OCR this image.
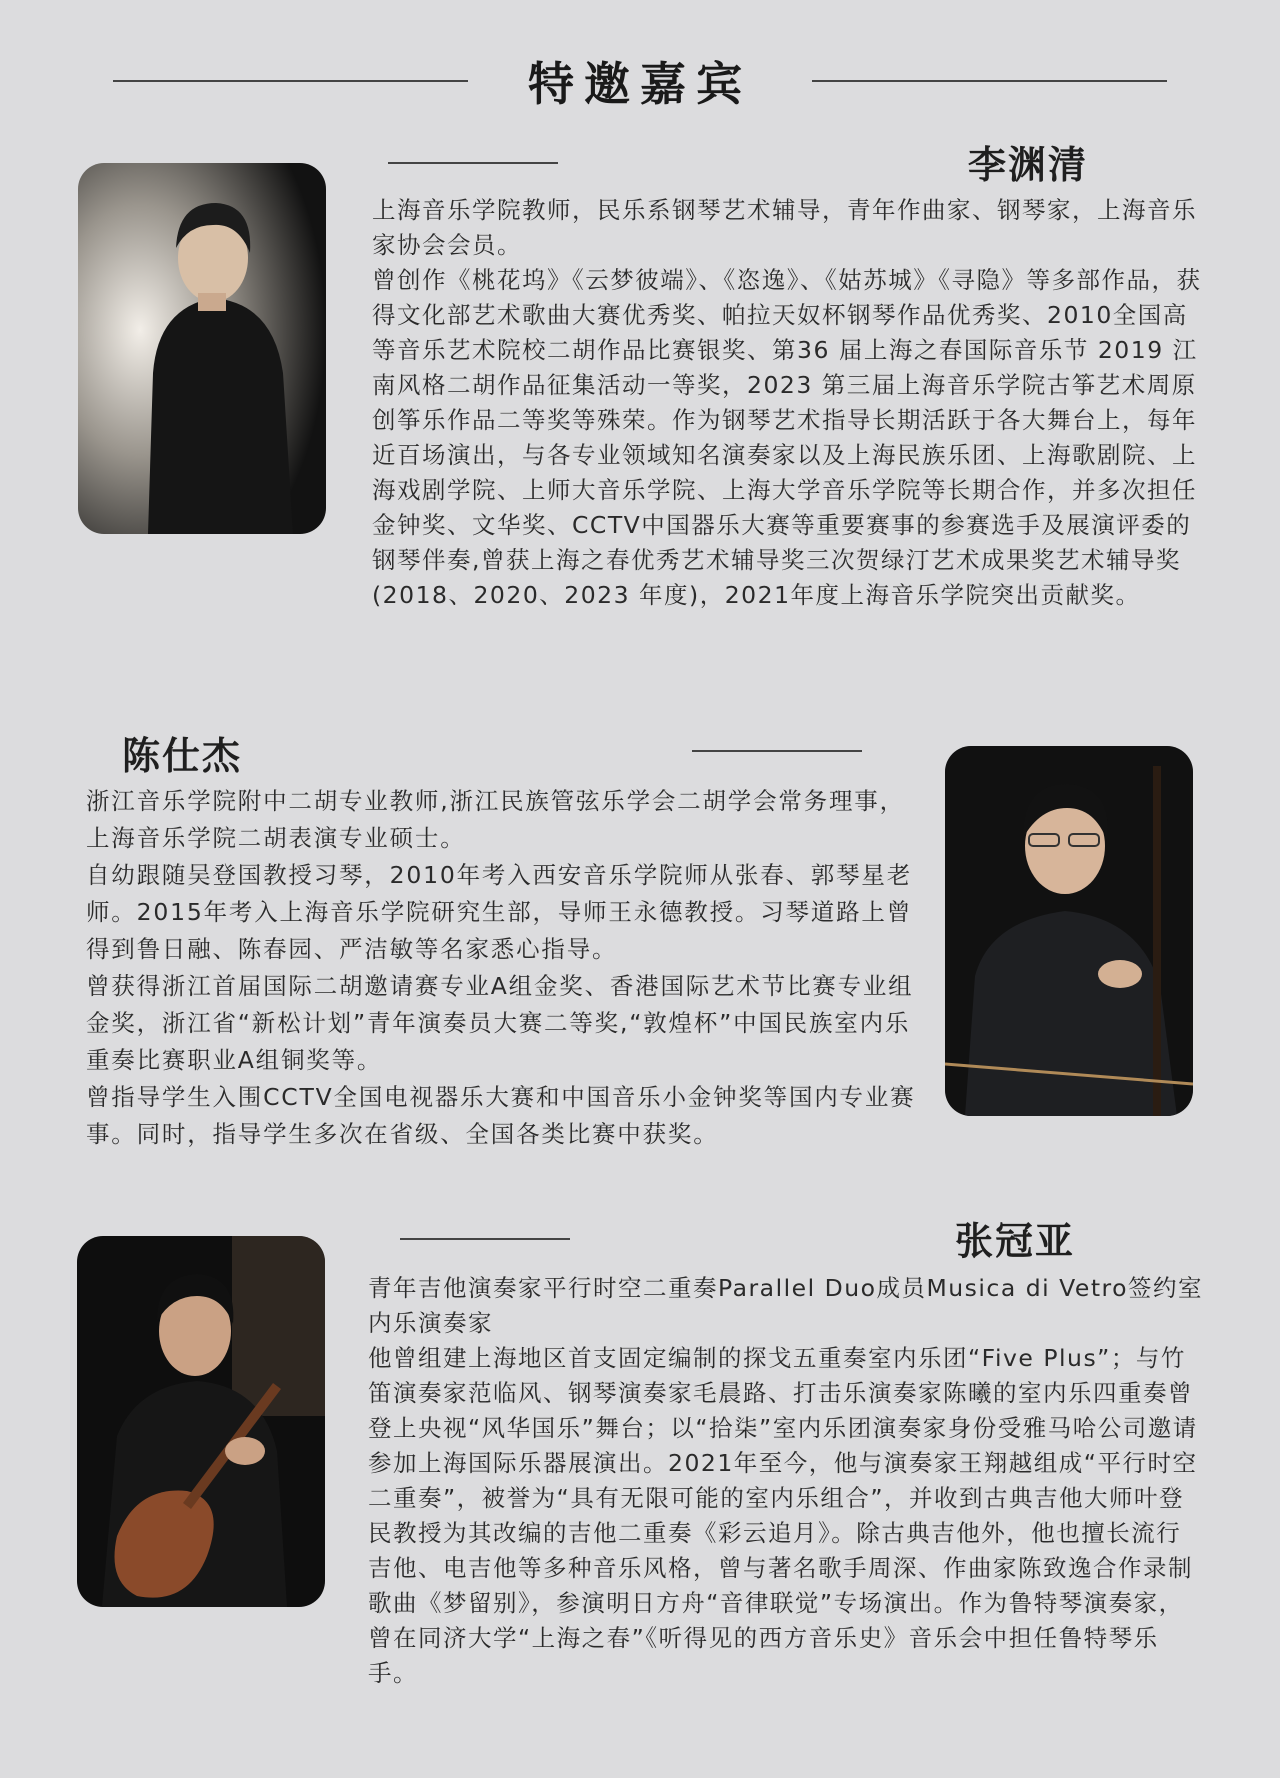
特邀嘉宾
李渊清

上海音乐学院教师，民乐系钢琴艺术辅导，青年作曲家、钢琴家，上海音乐家协会会员。

曾创作《桃花坞》《云梦彼端》、《恣逸》、《姑苏城》《寻隐》等多部作品，获得文化部艺术歌曲大赛优秀奖、帕拉天奴杯钢琴作品优秀奖、2010全国高等音乐艺术院校二胡作品比赛银奖、第36 届上海之春国际音乐节 2019 江南风格二胡作品征集活动一等奖，2023 第三届上海音乐学院古筝艺术周原创筝乐作品二等奖等殊荣。作为钢琴艺术指导长期活跃于各大舞台上，每年近百场演出，与各专业领域知名演奏家以及上海民族乐团、上海歌剧院、上海戏剧学院、上师大音乐学院、上海大学音乐学院等长期合作，并多次担任金钟奖、文华奖、CCTV中国器乐大赛等重要赛事的参赛选手及展演评委的钢琴伴奏,曾获上海之春优秀艺术辅导奖三次贺绿汀艺术成果奖艺术辅导奖(2018、2020、2023 年度)，2021年度上海音乐学院突出贡献奖。

陈仕杰

浙江音乐学院附中二胡专业教师,浙江民族管弦乐学会二胡学会常务理事，上海音乐学院二胡表演专业硕士。

自幼跟随吴登国教授习琴，2010年考入西安音乐学院师从张春、郭琴星老师。2015年考入上海音乐学院研究生部，导师王永德教授。习琴道路上曾得到鲁日融、陈春园、严洁敏等名家悉心指导。

曾获得浙江首届国际二胡邀请赛专业A组金奖、香港国际艺术节比赛专业组金奖，浙江省“新松计划”青年演奏员大赛二等奖,“敦煌杯”中国民族室内乐重奏比赛职业A组铜奖等。

曾指导学生入围CCTV全国电视器乐大赛和中国音乐小金钟奖等国内专业赛事。同时，指导学生多次在省级、全国各类比赛中获奖。

张冠亚

青年吉他演奏家平行时空二重奏Parallel Duo成员Musica di Vetro签约室内乐演奏家

他曾组建上海地区首支固定编制的探戈五重奏室内乐团“Five Plus”；与竹笛演奏家范临风、钢琴演奏家毛晨路、打击乐演奏家陈曦的室内乐四重奏曾登上央视“风华国乐”舞台；以“拾柒”室内乐团演奏家身份受雅马哈公司邀请参加上海国际乐器展演出。2021年至今，他与演奏家王翔越组成“平行时空二重奏”，被誉为“具有无限可能的室内乐组合”，并收到古典吉他大师叶登民教授为其改编的吉他二重奏《彩云追月》。除古典吉他外，他也擅长流行吉他、电吉他等多种音乐风格，曾与著名歌手周深、作曲家陈致逸合作录制歌曲《梦留别》，参演明日方舟“音律联觉”专场演出。作为鲁特琴演奏家，曾在同济大学“上海之春”《听得见的西方音乐史》音乐会中担任鲁特琴乐手。
